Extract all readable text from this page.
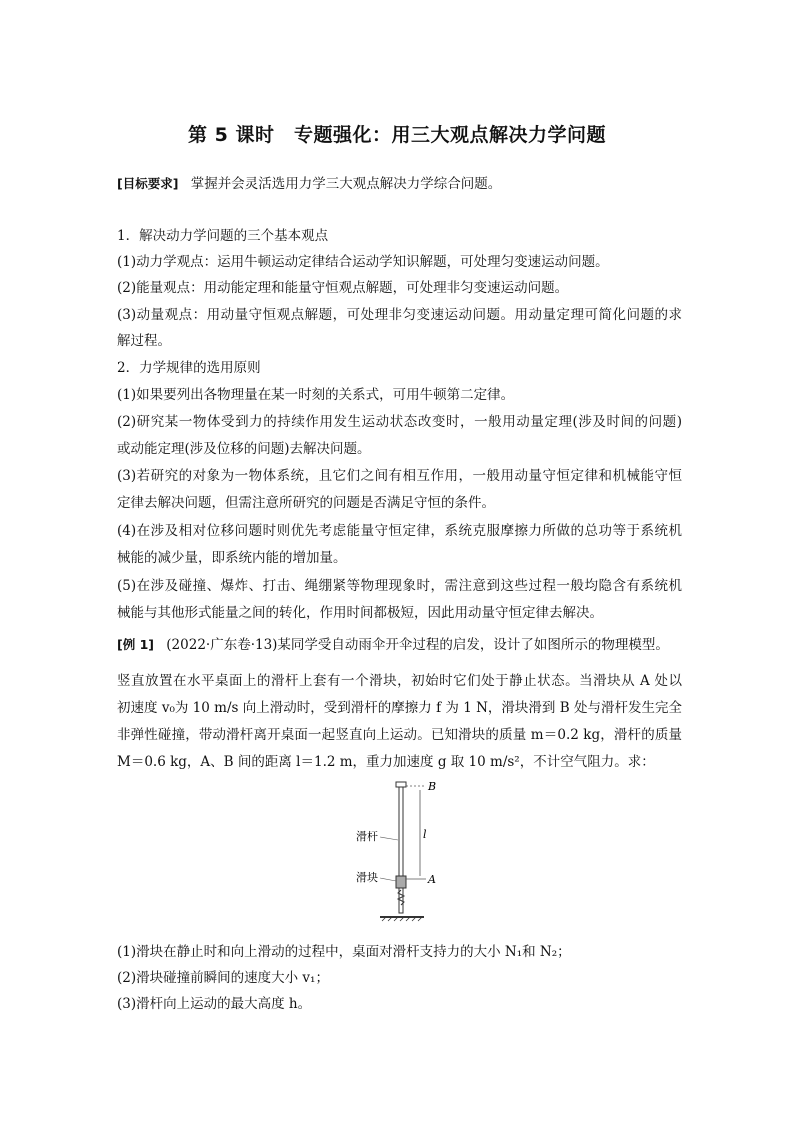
第 5 课时　专题强化：用三大观点解决力学问题
[目标要求] 掌握并会灵活选用力学三大观点解决力学综合问题。
1．解决动力学问题的三个基本观点
(1)动力学观点：运用牛顿运动定律结合运动学知识解题，可处理匀变速运动问题。
(2)能量观点：用动能定理和能量守恒观点解题，可处理非匀变速运动问题。
(3)动量观点：用动量守恒观点解题，可处理非匀变速运动问题。用动量定理可简化问题的求
解过程。
2．力学规律的选用原则
(1)如果要列出各物理量在某一时刻的关系式，可用牛顿第二定律。
(2)研究某一物体受到力的持续作用发生运动状态改变时，一般用动量定理(涉及时间的问题)
或动能定理(涉及位移的问题)去解决问题。
(3)若研究的对象为一物体系统，且它们之间有相互作用，一般用动量守恒定律和机械能守恒
定律去解决问题，但需注意所研究的问题是否满足守恒的条件。
(4)在涉及相对位移问题时则优先考虑能量守恒定律，系统克服摩擦力所做的总功等于系统机
械能的减少量，即系统内能的增加量。
(5)在涉及碰撞、爆炸、打击、绳绷紧等物理现象时，需注意到这些过程一般均隐含有系统机
械能与其他形式能量之间的转化，作用时间都极短，因此用动量守恒定律去解决。
[例 1] (2022·广东卷·13)某同学受自动雨伞开伞过程的启发，设计了如图所示的物理模型。
竖直放置在水平桌面上的滑杆上套有一个滑块，初始时它们处于静止状态。当滑块从 A 处以
初速度 v₀为 10 m/s 向上滑动时，受到滑杆的摩擦力 f 为 1 N，滑块滑到 B 处与滑杆发生完全
非弹性碰撞，带动滑杆离开桌面一起竖直向上运动。已知滑块的质量 m＝0.2 kg，滑杆的质量
M＝0.6 kg，A、B 间的距离 l＝1.2 m，重力加速度 g 取 10 m/s²，不计空气阻力。求：
B
l
A
滑杆
滑块
(1)滑块在静止时和向上滑动的过程中，桌面对滑杆支持力的大小 N₁和 N₂；
(2)滑块碰撞前瞬间的速度大小 v₁；
(3)滑杆向上运动的最大高度 h。
